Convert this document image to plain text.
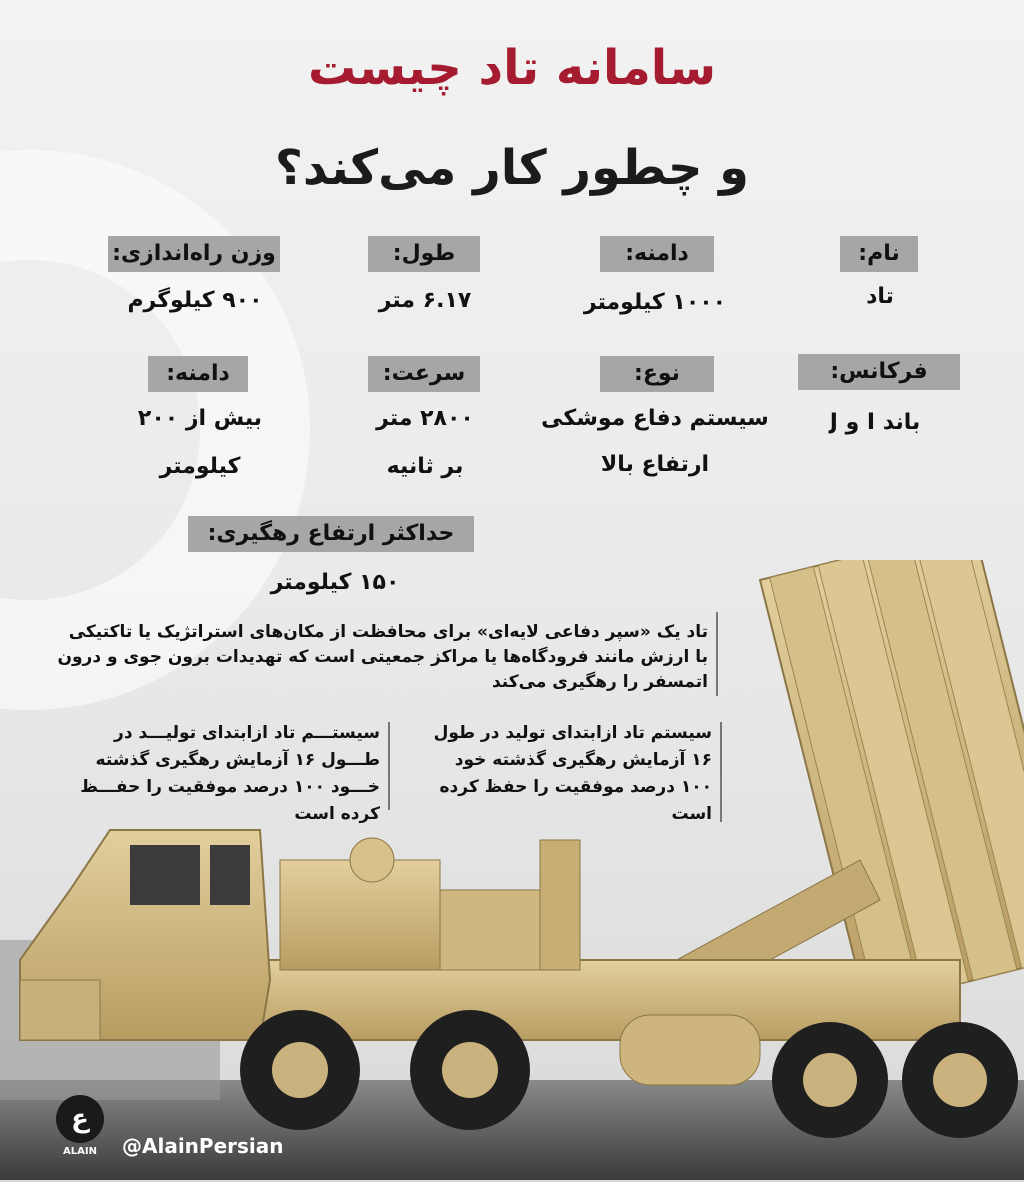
سامانه تاد چیست
و چطور کار می‌کند؟
نام:
تاد
دامنه:
۱۰۰۰ کیلومتر
طول:
۶.۱۷ متر
وزن راه‌اندازی:
۹۰۰ کیلوگرم
فرکانس:
باند I و J
نوع:
سیستم دفاع موشکی
ارتفاع بالا
سرعت:
۲۸۰۰ متر
بر ثانیه
دامنه:
بیش از ۲۰۰
کیلومتر
حداکثر ارتفاع رهگیری:
۱۵۰ کیلومتر
تاد یک «سپر دفاعی لایه‌ای» برای محافظت از مکان‌های استراتژیک یا تاکتیکی
با ارزش مانند فرودگاه‌ها یا مراکز جمعیتی است که تهدیدات برون جوی و درون
اتمسفر را رهگیری می‌کند
سیستم تاد ازابتدای تولید در طول
۱۶ آزمایش رهگیری گذشته خود
۱۰۰ درصد موفقیت را حفظ کرده
است
سیستـــم تاد ازابتدای تولیـــد در
طـــول ۱۶ آزمایش رهگیری گذشته
خـــود ۱۰۰ درصد موفقیت را حفـــظ
کرده است
ع
ALAIN	@AlainPersian
